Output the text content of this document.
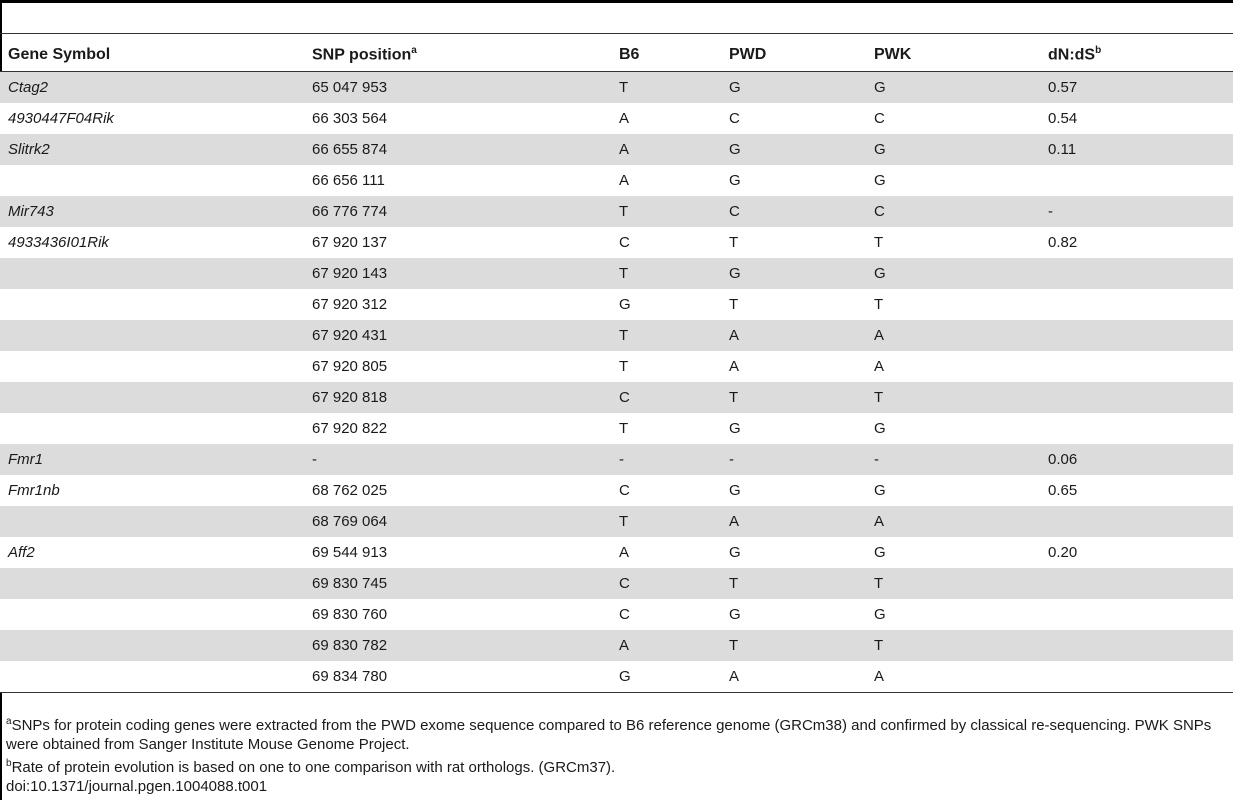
Gene Symbol	SNP position$^a$	B6	PWD	PWK	$dN:dS^b$
Ctag2	65 047 953	T	G	G	0.57
4930447F04Rik	66 303 564	A	C	C	0.54
Slitrk2	66 655 874	A	G	G	0.11
	66 656 111	A	G	G	
Mir743	66 776 774	T	C	C	-
4933436I01Rik	67 920 137	C	T	T	0.82
	67 920 143	T	G	G	
	67 920 312	G	T	T	
	67 920 431	T	A	A	
	67 920 805	T	A	A	
	67 920 818	C	T	T	
	67 920 822	T	G	G	
Fmr1	-	-	-	-	0.06
Fmr1nb	68 762 025	C	G	G	0.65
	68 769 064	T	A	A	
Aff2	69 544 913	A	G	G	0.20
	69 830 745	C	T	T	
	69 830 760	C	G	G	
	69 830 782	A	T	T	
	69 834 780	G	A	A	

$^a$SNPs for protein coding genes were extracted from the PWD exome sequence compared to B6 reference genome (GRCm38) and confirmed by classical re-sequencing. PWK SNPs were obtained from Sanger Institute Mouse Genome Project.

$^b$Rate of protein evolution is based on one to one comparison with rat orthologs. (GRCm37).

doi:10.1371/journal.pgen.1004088.t001
